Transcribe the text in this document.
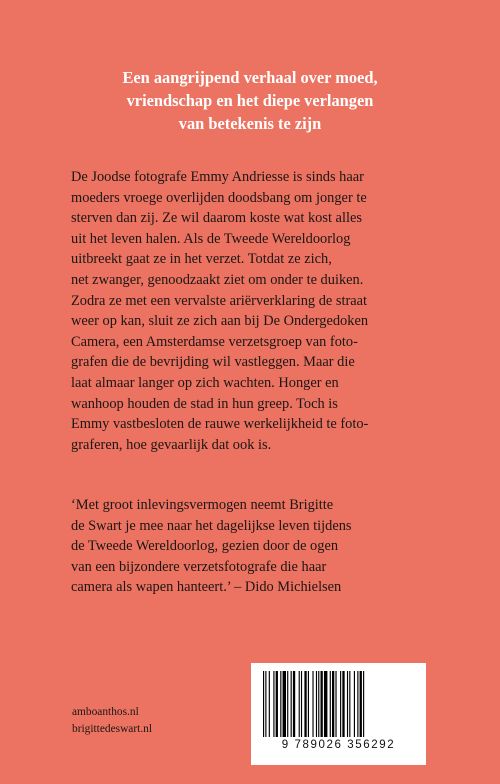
Een aangrijpend verhaal over moed,
vriendschap en het diepe verlangen
van betekenis te zijn
De Joodse fotografe Emmy Andriesse is sinds haar
moeders vroege overlijden doodsbang om jonger te
sterven dan zij. Ze wil daarom koste wat kost alles
uit het leven halen. Als de Tweede Wereldoorlog
uitbreekt gaat ze in het verzet. Totdat ze zich,
net zwanger, genoodzaakt ziet om onder te duiken.
Zodra ze met een vervalste ariërverklaring de straat
weer op kan, sluit ze zich aan bij De Ondergedoken
Camera, een Amsterdamse verzetsgroep van foto-
grafen die de bevrijding wil vastleggen. Maar die
laat almaar langer op zich wachten. Honger en
wanhoop houden de stad in hun greep. Toch is
Emmy vastbesloten de rauwe werkelijkheid te foto-
graferen, hoe gevaarlijk dat ook is.
‘Met groot inlevingsvermogen neemt Brigitte
de Swart je mee naar het dagelijkse leven tijdens
de Tweede Wereldoorlog, gezien door de ogen
van een bijzondere verzetsfotografe die haar
camera als wapen hanteert.’ – Dido Michielsen
amboanthos.nl
brigittedeswart.nl
9 789026 356292
